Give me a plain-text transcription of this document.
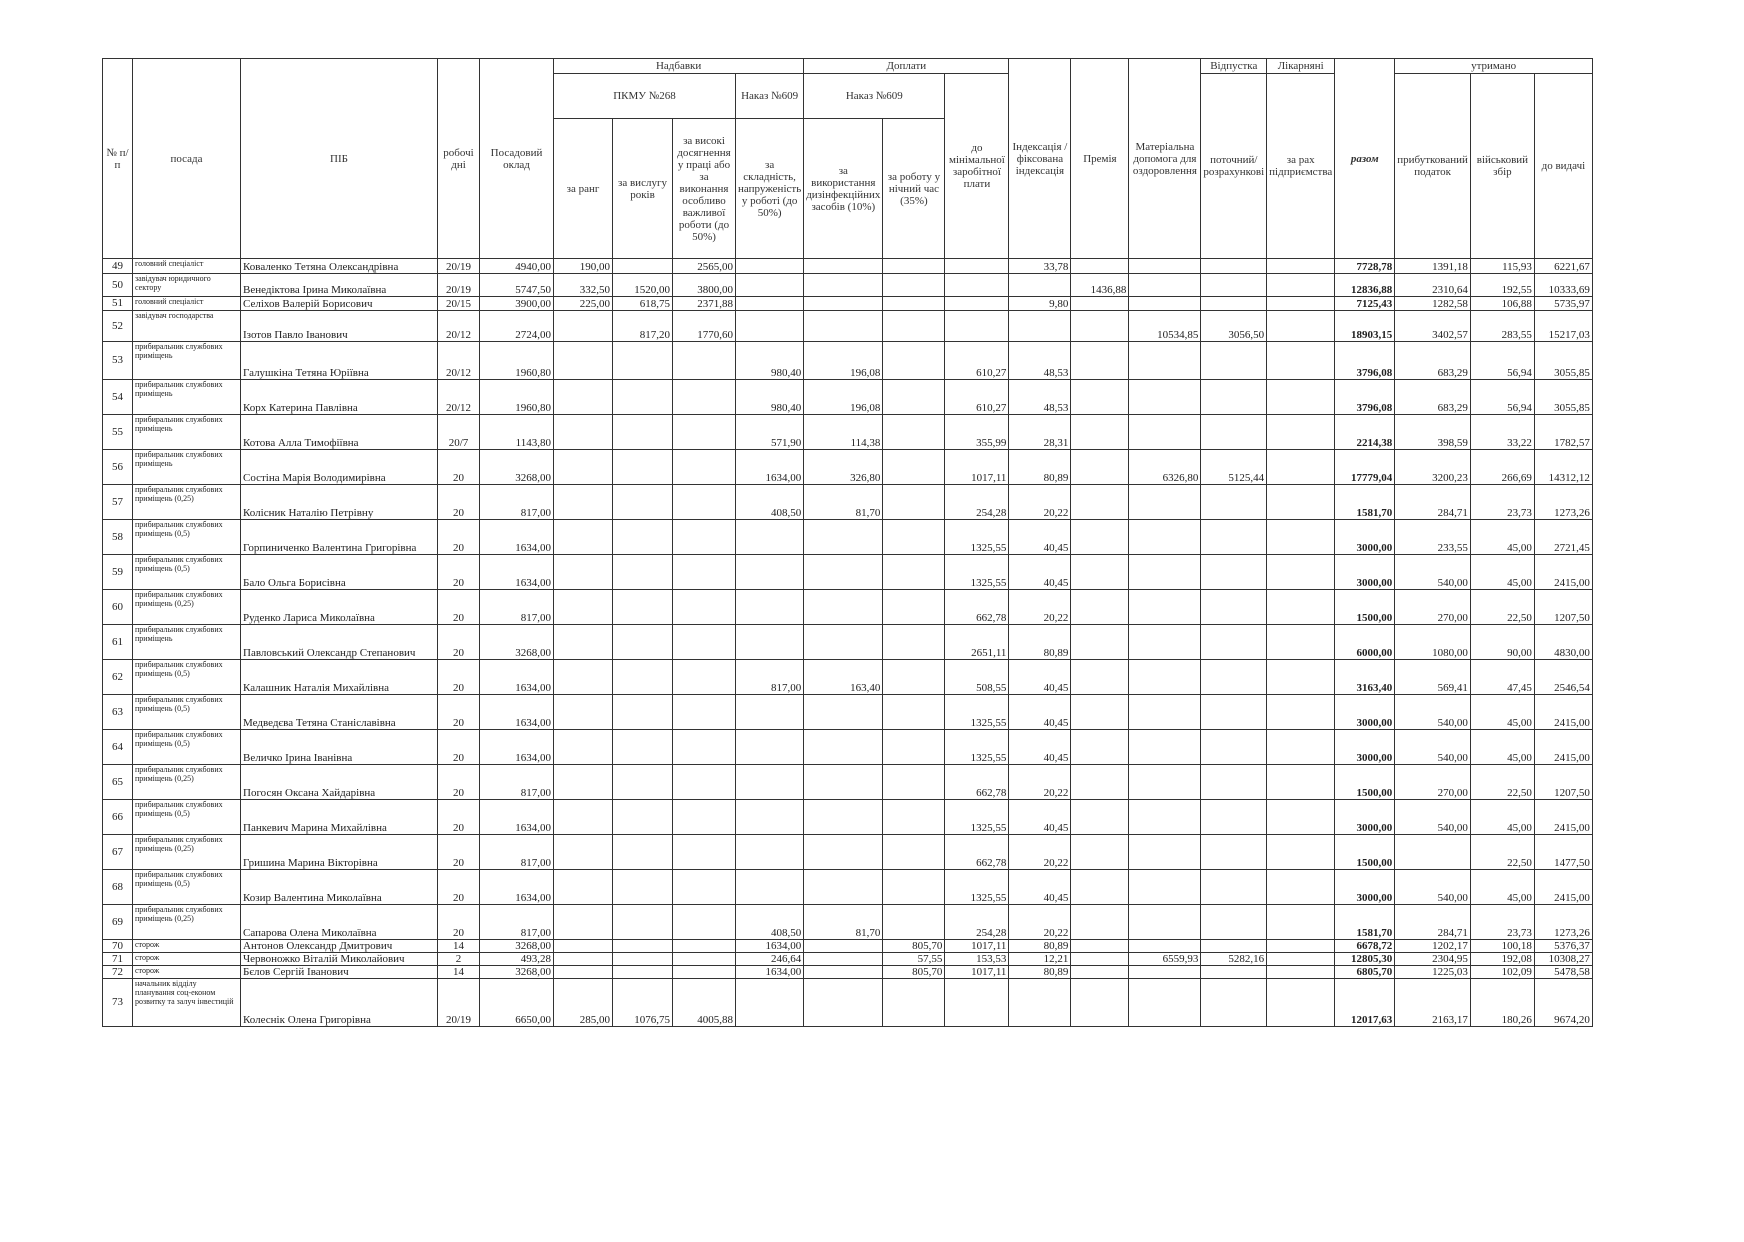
№ п/п	посада	ПІБ	робочі дні	Посадовий оклад	Надбавки				Доплати			Індексація / фіксована індексація	Премія	Матеріальна допомога для оздоровлення	Відпустка	Лікарняні	разом	утримано		
					ПКМУ №268			Наказ №609	Наказ №609		до мінімальної заробітної плати				поточний/ розрахункові	за рах підприємства		прибуткований податок	військовий збір	до видачі
					за ранг	за вислугу років	за високі досягнення у праці або за виконання особливо важливої роботи (до 50%)	за складність, напруженість у роботі (до 50%)	за використання дизінфекційних засобів (10%)	за роботу у нічний час (35%)										

49	головний спеціаліст	Коваленко Тетяна Олександрівна	20/19	4940,00	190,00		2565,00					33,78					7728,78	1391,18	115,93	6221,67
50	завідувач юридичного сектору	Венедіктова Ірина Миколаївна	20/19	5747,50	332,50	1520,00	3800,00						1436,88				12836,88	2310,64	192,55	10333,69
51	головний спеціаліст	Селіхов Валерій Борисович	20/15	3900,00	225,00	618,75	2371,88					9,80					7125,43	1282,58	106,88	5735,97
52	завідувач господарства	Ізотов Павло Іванович	20/12	2724,00		817,20	1770,60							10534,85	3056,50		18903,15	3402,57	283,55	15217,03
53	прибиральник службових приміщень	Галушкіна Тетяна Юріївна	20/12	1960,80				980,40	196,08		610,27	48,53					3796,08	683,29	56,94	3055,85
54	прибиральник службових приміщень	Корх Катерина Павлівна	20/12	1960,80				980,40	196,08		610,27	48,53					3796,08	683,29	56,94	3055,85
55	прибиральник службових приміщень	Котова Алла Тимофіївна	20/7	1143,80				571,90	114,38		355,99	28,31					2214,38	398,59	33,22	1782,57
56	прибиральник службових приміщень	Состіна Марія Володимирівна	20	3268,00				1634,00	326,80		1017,11	80,89		6326,80	5125,44		17779,04	3200,23	266,69	14312,12
57	прибиральник службових приміщень (0,25)	Колісник Наталію Петрівну	20	817,00				408,50	81,70		254,28	20,22					1581,70	284,71	23,73	1273,26
58	прибиральник службових приміщень (0,5)	Горпиниченко Валентина Григорівна	20	1634,00							1325,55	40,45					3000,00	233,55	45,00	2721,45
59	прибиральник службових приміщень (0,5)	Бало Ольга Борисівна	20	1634,00							1325,55	40,45					3000,00	540,00	45,00	2415,00
60	прибиральник службових приміщень (0,25)	Руденко Лариса Миколаївна	20	817,00							662,78	20,22					1500,00	270,00	22,50	1207,50
61	прибиральник службових приміщень	Павловський Олександр Степанович	20	3268,00							2651,11	80,89					6000,00	1080,00	90,00	4830,00
62	прибиральник службових приміщень (0,5)	Калашник Наталія Михайлівна	20	1634,00				817,00	163,40		508,55	40,45					3163,40	569,41	47,45	2546,54
63	прибиральник службових приміщень (0,5)	Медведєва Тетяна Станіславівна	20	1634,00							1325,55	40,45					3000,00	540,00	45,00	2415,00
64	прибиральник службових приміщень (0,5)	Величко Ірина Іванівна	20	1634,00							1325,55	40,45					3000,00	540,00	45,00	2415,00
65	прибиральник службових приміщень (0,25)	Погосян Оксана Хайдарівна	20	817,00							662,78	20,22					1500,00	270,00	22,50	1207,50
66	прибиральник службових приміщень (0,5)	Панкевич Марина Михайлівна	20	1634,00							1325,55	40,45					3000,00	540,00	45,00	2415,00
67	прибиральник службових приміщень (0,25)	Гришина Марина Вікторівна	20	817,00							662,78	20,22					1500,00		22,50	1477,50
68	прибиральник службових приміщень (0,5)	Козир Валентина Миколаївна	20	1634,00							1325,55	40,45					3000,00	540,00	45,00	2415,00
69	прибиральник службових приміщень (0,25)	Сапарова Олена Миколаївна	20	817,00				408,50	81,70		254,28	20,22					1581,70	284,71	23,73	1273,26
70	сторож	Антонов Олександр Дмитрович	14	3268,00				1634,00		805,70	1017,11	80,89					6678,72	1202,17	100,18	5376,37
71	сторож	Червоножко Віталій Миколайович	2	493,28				246,64		57,55	153,53	12,21		6559,93	5282,16		12805,30	2304,95	192,08	10308,27
72	сторож	Бєлов Сергій Іванович	14	3268,00				1634,00		805,70	1017,11	80,89					6805,70	1225,03	102,09	5478,58
73	начальник відділу планування соц-економ розвитку та залуч інвестицій	Колеснік Олена Григорівна	20/19	6650,00	285,00	1076,75	4005,88										12017,63	2163,17	180,26	9674,20
